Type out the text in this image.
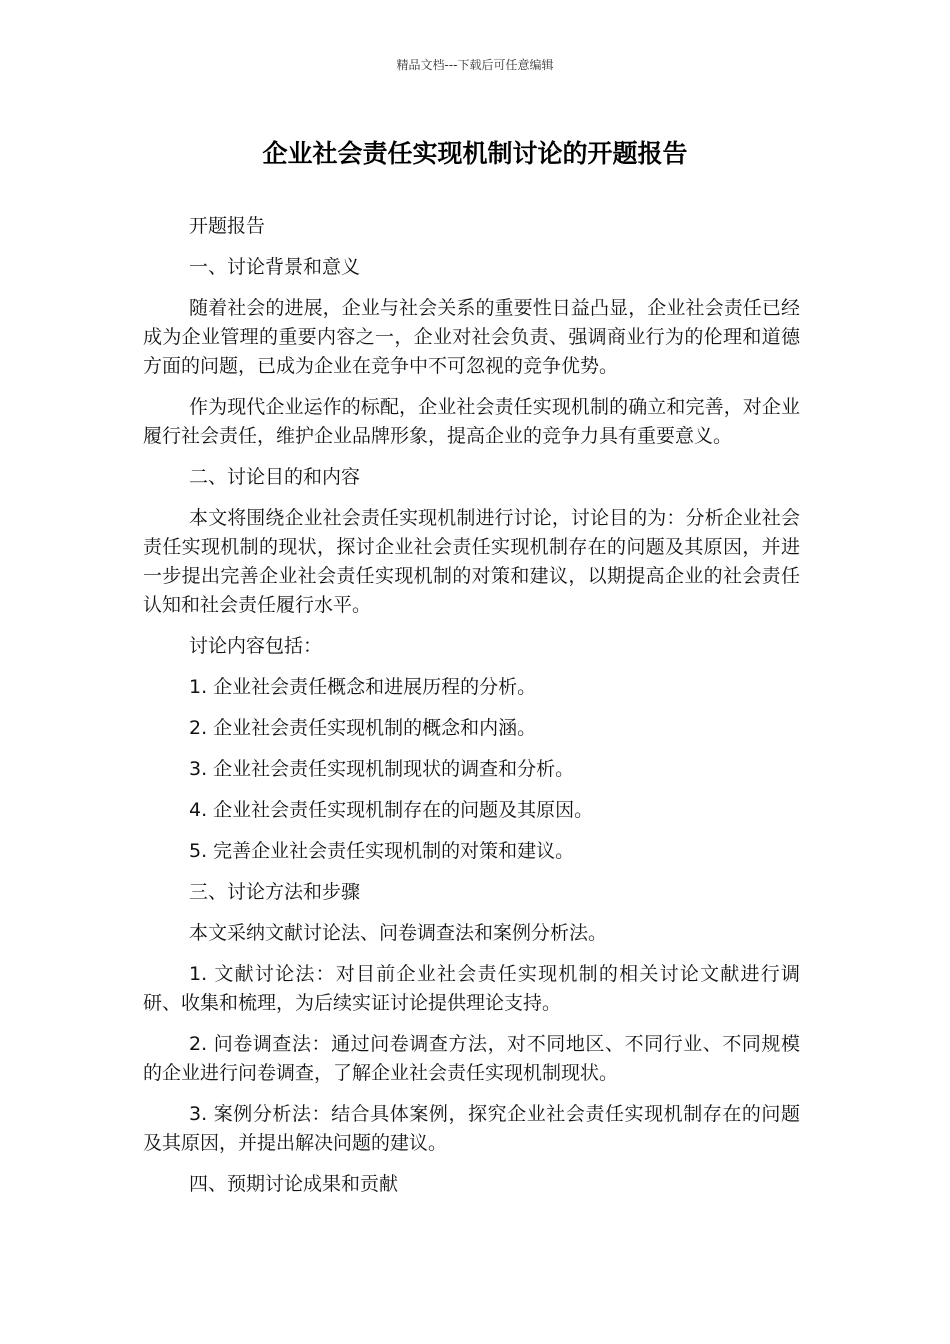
精品文档---下载后可任意编辑
企业社会责任实现机制讨论的开题报告

开题报告

一、讨论背景和意义

随着社会的进展，企业与社会关系的重要性日益凸显，企业社会责任已经成为企业管理的重要内容之一，企业对社会负责、强调商业行为的伦理和道德方面的问题，已成为企业在竞争中不可忽视的竞争优势。

作为现代企业运作的标配，企业社会责任实现机制的确立和完善，对企业履行社会责任，维护企业品牌形象，提高企业的竞争力具有重要意义。

二、讨论目的和内容

本文将围绕企业社会责任实现机制进行讨论，讨论目的为：分析企业社会责任实现机制的现状，探讨企业社会责任实现机制存在的问题及其原因，并进一步提出完善企业社会责任实现机制的对策和建议，以期提高企业的社会责任认知和社会责任履行水平。

讨论内容包括：

1. 企业社会责任概念和进展历程的分析。

2. 企业社会责任实现机制的概念和内涵。

3. 企业社会责任实现机制现状的调查和分析。

4. 企业社会责任实现机制存在的问题及其原因。

5. 完善企业社会责任实现机制的对策和建议。

三、讨论方法和步骤

本文采纳文献讨论法、问卷调查法和案例分析法。

1. 文献讨论法：对目前企业社会责任实现机制的相关讨论文献进行调研、收集和梳理，为后续实证讨论提供理论支持。

2. 问卷调查法：通过问卷调查方法，对不同地区、不同行业、不同规模的企业进行问卷调查，了解企业社会责任实现机制现状。

3. 案例分析法：结合具体案例，探究企业社会责任实现机制存在的问题及其原因，并提出解决问题的建议。

四、预期讨论成果和贡献
